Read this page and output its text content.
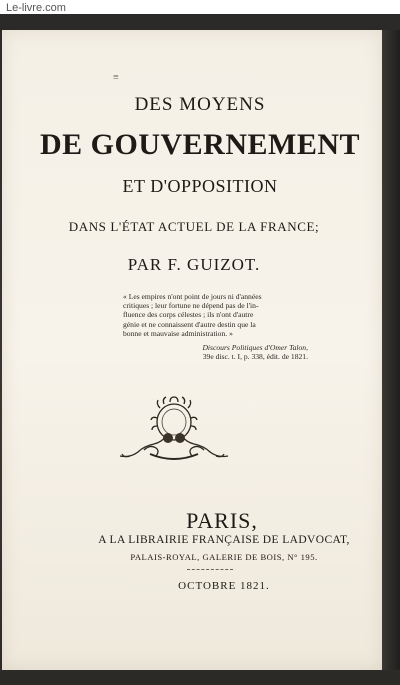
Le-livre.com
≡
DES MOYENS
DE GOUVERNEMENT
ET D'OPPOSITION
DANS L'ÉTAT ACTUEL DE LA FRANCE;
PAR F. GUIZOT.
« Les empires n'ont point de jours ni d'années
critiques ; leur fortune ne dépend pas de l'in-
fluence des corps célestes ; ils n'ont d'autre
génie et ne connaissent d'autre destin que la
bonne et mauvaise administration. »
Discours Politiques d'Omer Talon,
39e disc. t. I, p. 338, édit. de 1821.
PARIS,
A LA LIBRAIRIE FRANÇAISE DE LADVOCAT,
PALAIS-ROYAL, GALERIE DE BOIS, N° 195.
OCTOBRE 1821.
